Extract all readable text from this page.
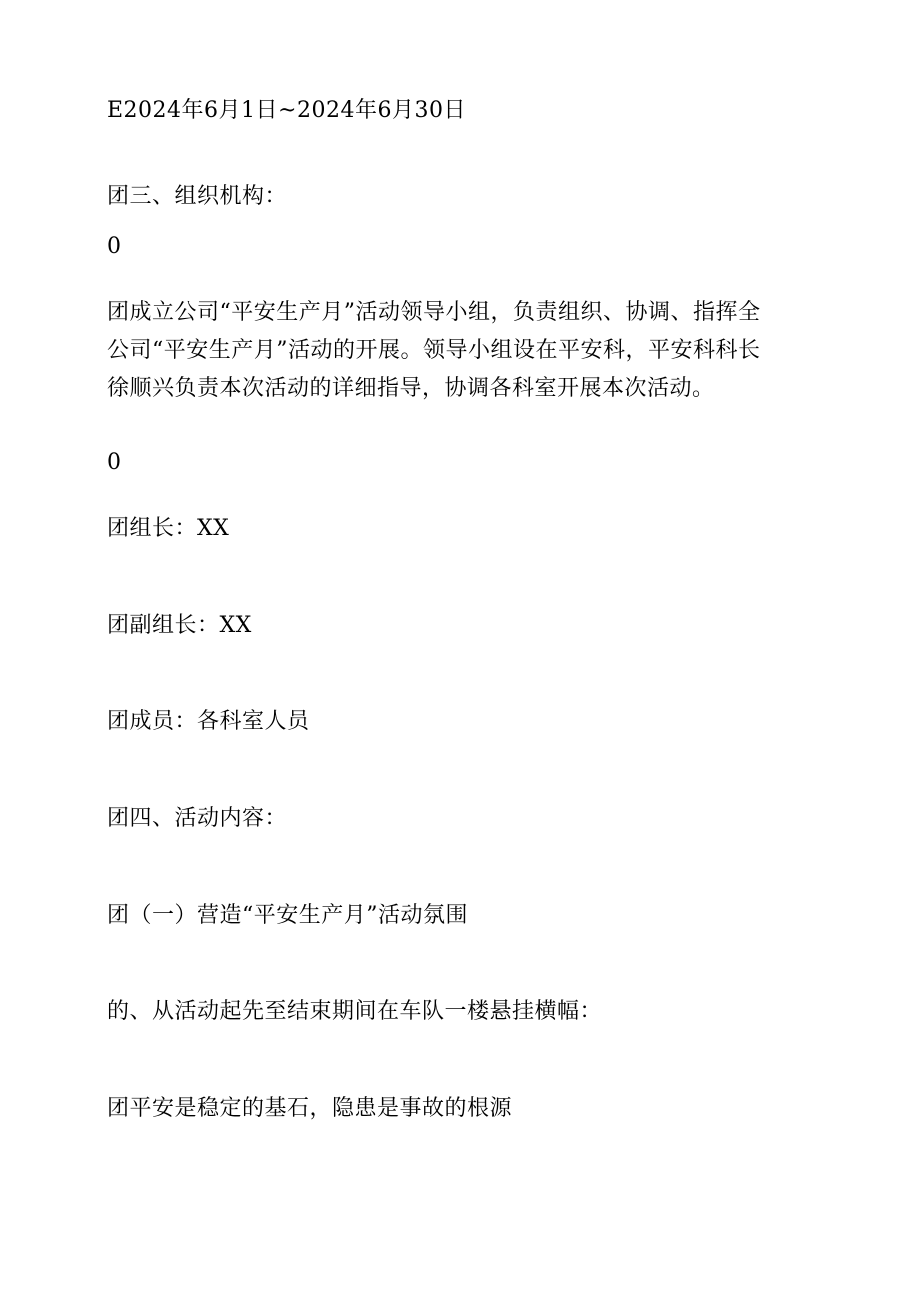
E2024年6月1日~2024年6月30日
团三、组织机构：
0
团成立公司“平安生产月”活动领导小组，负责组织、协调、指挥全
公司“平安生产月”活动的开展。领导小组设在平安科，平安科科长
徐顺兴负责本次活动的详细指导，协调各科室开展本次活动。
0
团组长：XX
团副组长：XX
团成员：各科室人员
团四、活动内容：
团（一）营造“平安生产月”活动氛围
的、从活动起先至结束期间在车队一楼悬挂横幅：
团平安是稳定的基石，隐患是事故的根源
